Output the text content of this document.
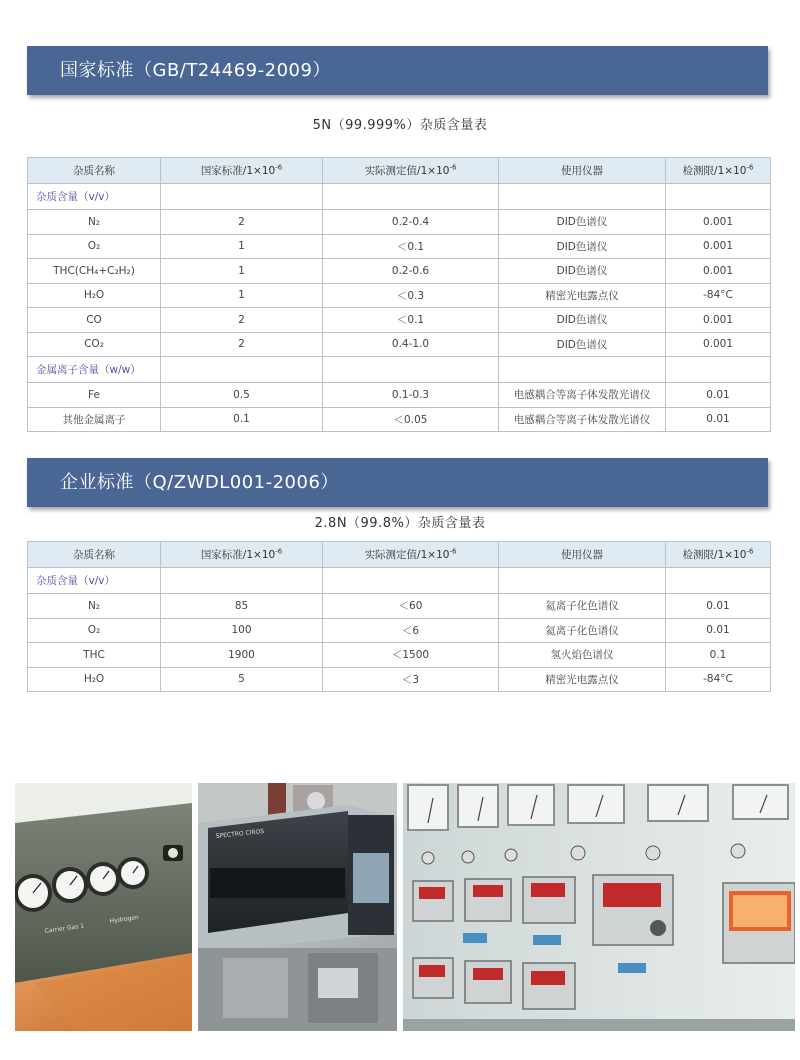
国家标准（GB/T24469-2009）
5N（99.999%）杂质含量表
杂质名称	国家标准$/1\times 10^{-6}$	实际测定值$/1\times 10^{-6}$	使用仪器	检测限$/1\times 10^{-6}$
杂质含量（v/v）				
N₂	2	0.2-0.4	DID色谱仪	0.001
O₂	1	＜0.1	DID色谱仪	0.001
THC(CH₄+C₂H₂)	1	0.2-0.6	DID色谱仪	0.001
H₂O	1	＜0.3	精密光电露点仪	-84°C
CO	2	＜0.1	DID色谱仪	0.001
CO₂	2	0.4-1.0	DID色谱仪	0.001
金属离子含量（w/w）				
Fe	0.5	0.1-0.3	电感耦合等离子体发散光谱仪	0.01
其他金属离子	0.1	＜0.05	电感耦合等离子体发散光谱仪	0.01
企业标准（Q/ZWDL001-2006）
2.8N（99.8%）杂质含量表
杂质名称	国家标准$/1\times 10^{-6}$	实际测定值$/1\times 10^{-6}$	使用仪器	检测限$/1\times 10^{-6}$
杂质含量（v/v）				
N₂	85	＜60	氦离子化色谱仪	0.01
O₂	100	＜6	氦离子化色谱仪	0.01
THC	1900	＜1500	氢火焰色谱仪	0.1
H₂O	5	＜3	精密光电露点仪	-84°C
Carrier Gas 1
Hydrogen
SPECTRO CIROS
